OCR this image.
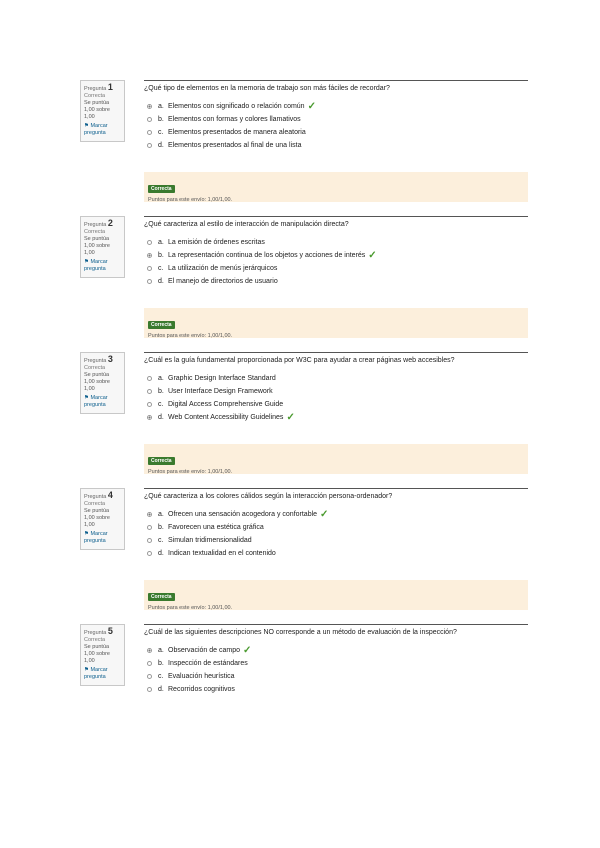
Pregunta 1
Correcta
Se puntúa 1,00 sobre 1,00
⚑ Marcar pregunta
¿Qué tipo de elementos en la memoria de trabajo son más fáciles de recordar?
a. Elementos con significado o relación común ✓
b. Elementos con formas y colores llamativos
c. Elementos presentados de manera aleatoria
d. Elementos presentados al final de una lista
Correcta
Puntos para este envío: 1,00/1,00.
Pregunta 2
Correcta
Se puntúa 1,00 sobre 1,00
⚑ Marcar pregunta
¿Qué caracteriza al estilo de interacción de manipulación directa?
a. La emisión de órdenes escritas
b. La representación continua de los objetos y acciones de interés ✓
c. La utilización de menús jerárquicos
d. El manejo de directorios de usuario
Correcta
Puntos para este envío: 1,00/1,00.
Pregunta 3
Correcta
Se puntúa 1,00 sobre 1,00
⚑ Marcar pregunta
¿Cuál es la guía fundamental proporcionada por W3C para ayudar a crear páginas web accesibles?
a. Graphic Design Interface Standard
b. User Interface Design Framework
c. Digital Access Comprehensive Guide
d. Web Content Accessibility Guidelines ✓
Correcta
Puntos para este envío: 1,00/1,00.
Pregunta 4
Correcta
Se puntúa 1,00 sobre 1,00
⚑ Marcar pregunta
¿Qué caracteriza a los colores cálidos según la interacción persona-ordenador?
a. Ofrecen una sensación acogedora y confortable ✓
b. Favorecen una estética gráfica
c. Simulan tridimensionalidad
d. Indican textualidad en el contenido
Correcta
Puntos para este envío: 1,00/1,00.
Pregunta 5
Correcta
Se puntúa 1,00 sobre 1,00
⚑ Marcar pregunta
¿Cuál de las siguientes descripciones NO corresponde a un método de evaluación de la inspección?
a. Observación de campo ✓
b. Inspección de estándares
c. Evaluación heurística
d. Recorridos cognitivos
